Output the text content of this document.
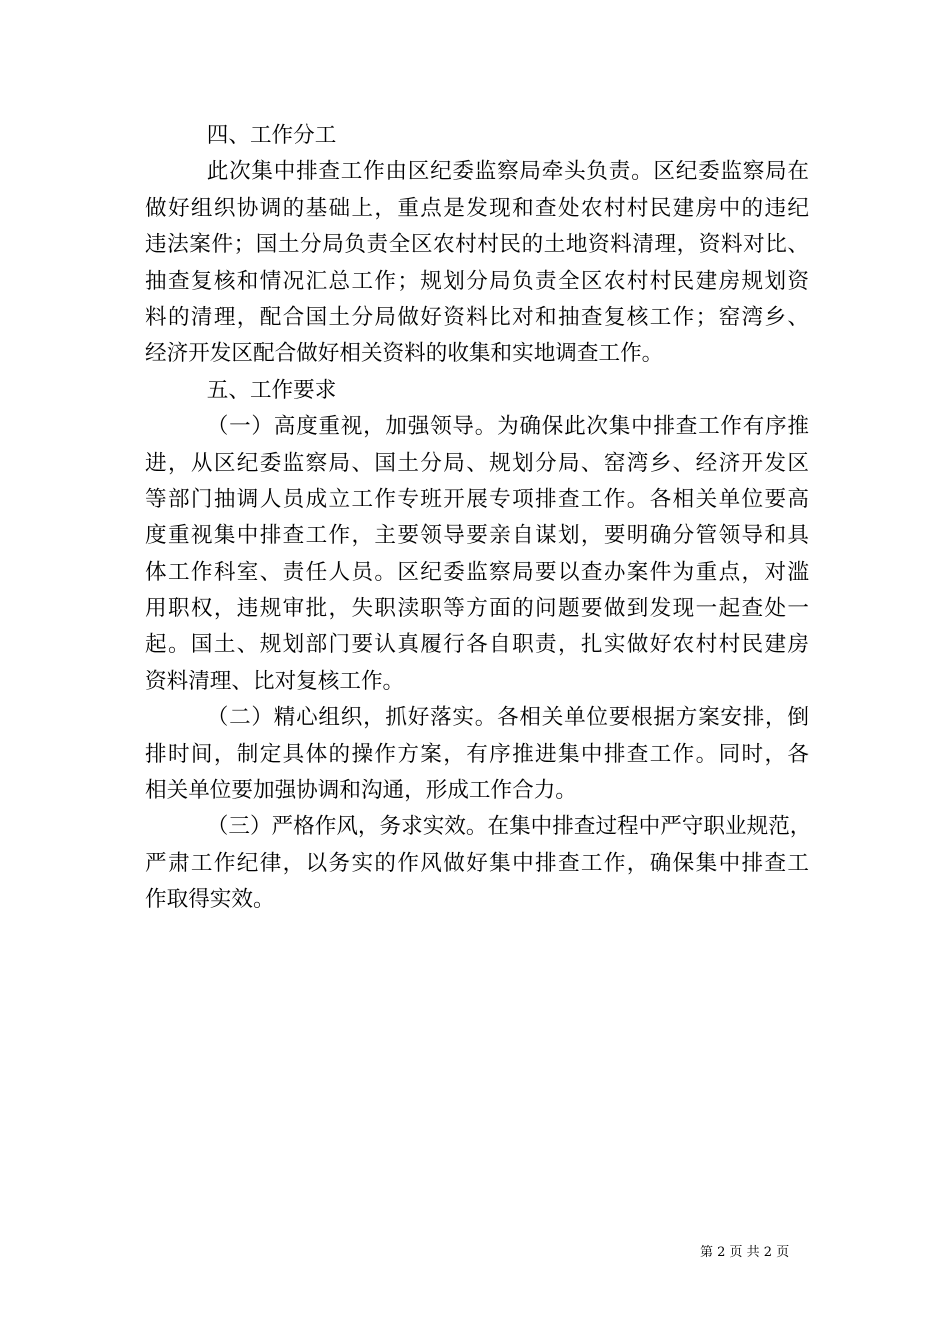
四、工作分工
此次集中排查工作由区纪委监察局牵头负责。区纪委监察局在
做好组织协调的基础上，重点是发现和查处农村村民建房中的违纪
违法案件；国土分局负责全区农村村民的土地资料清理，资料对比、
抽查复核和情况汇总工作；规划分局负责全区农村村民建房规划资
料的清理，配合国土分局做好资料比对和抽查复核工作；窑湾乡、
经济开发区配合做好相关资料的收集和实地调查工作。
五、工作要求
（一）高度重视，加强领导。为确保此次集中排查工作有序推
进，从区纪委监察局、国土分局、规划分局、窑湾乡、经济开发区
等部门抽调人员成立工作专班开展专项排查工作。各相关单位要高
度重视集中排查工作，主要领导要亲自谋划，要明确分管领导和具
体工作科室、责任人员。区纪委监察局要以查办案件为重点，对滥
用职权，违规审批，失职渎职等方面的问题要做到发现一起查处一
起。国土、规划部门要认真履行各自职责，扎实做好农村村民建房
资料清理、比对复核工作。
（二）精心组织，抓好落实。各相关单位要根据方案安排，倒
排时间，制定具体的操作方案，有序推进集中排查工作。同时，各
相关单位要加强协调和沟通，形成工作合力。
（三）严格作风，务求实效。在集中排查过程中严守职业规范，
严肃工作纪律，以务实的作风做好集中排查工作，确保集中排查工
作取得实效。
第 2 页 共 2 页
